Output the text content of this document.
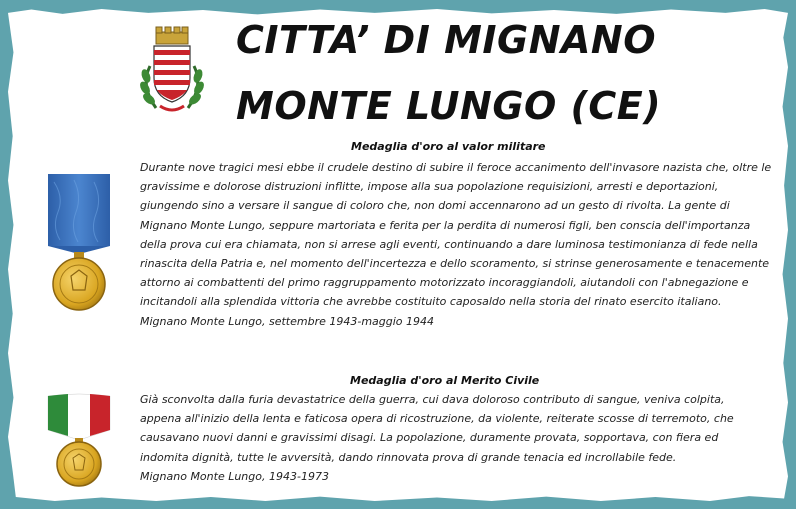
CITTA’ DI MIGNANO
MONTE LUNGO (CE)
Medaglia d'oro al valor militare
Durante nove tragici mesi ebbe il crudele destino di subire il feroce accanimento dell'invasore nazista che, oltre le
gravissime e dolorose distruzioni inflitte, impose alla sua popolazione requisizioni, arresti e deportazioni,
giungendo sino a versare il sangue di coloro che, non domi accennarono ad un gesto di rivolta. La gente di
Mignano Monte Lungo, seppure martoriata e ferita per la perdita di numerosi figli, ben conscia dell'importanza
della prova cui era chiamata, non si arrese agli eventi, continuando a dare luminosa testimonianza di fede nella
rinascita della Patria e, nel momento dell'incertezza e dello scoramento, si strinse generosamente e tenacemente
attorno ai combattenti del primo raggruppamento motorizzato incoraggiandoli, aiutandoli con l'abnegazione e
incitandoli alla splendida vittoria che avrebbe costituito caposaldo nella storia del rinato esercito italiano.
Mignano Monte Lungo, settembre 1943-maggio 1944
Medaglia d'oro al Merito Civile
Già sconvolta dalla furia devastatrice della guerra, cui dava doloroso contributo di sangue, veniva colpita,
appena all'inizio della lenta e faticosa opera di ricostruzione, da violente, reiterate scosse di terremoto, che
causavano nuovi danni e gravissimi disagi. La popolazione, duramente provata, sopportava, con fiera ed
indomita dignità, tutte le avversità, dando rinnovata prova di grande tenacia ed incrollabile fede.
Mignano Monte Lungo, 1943-1973
